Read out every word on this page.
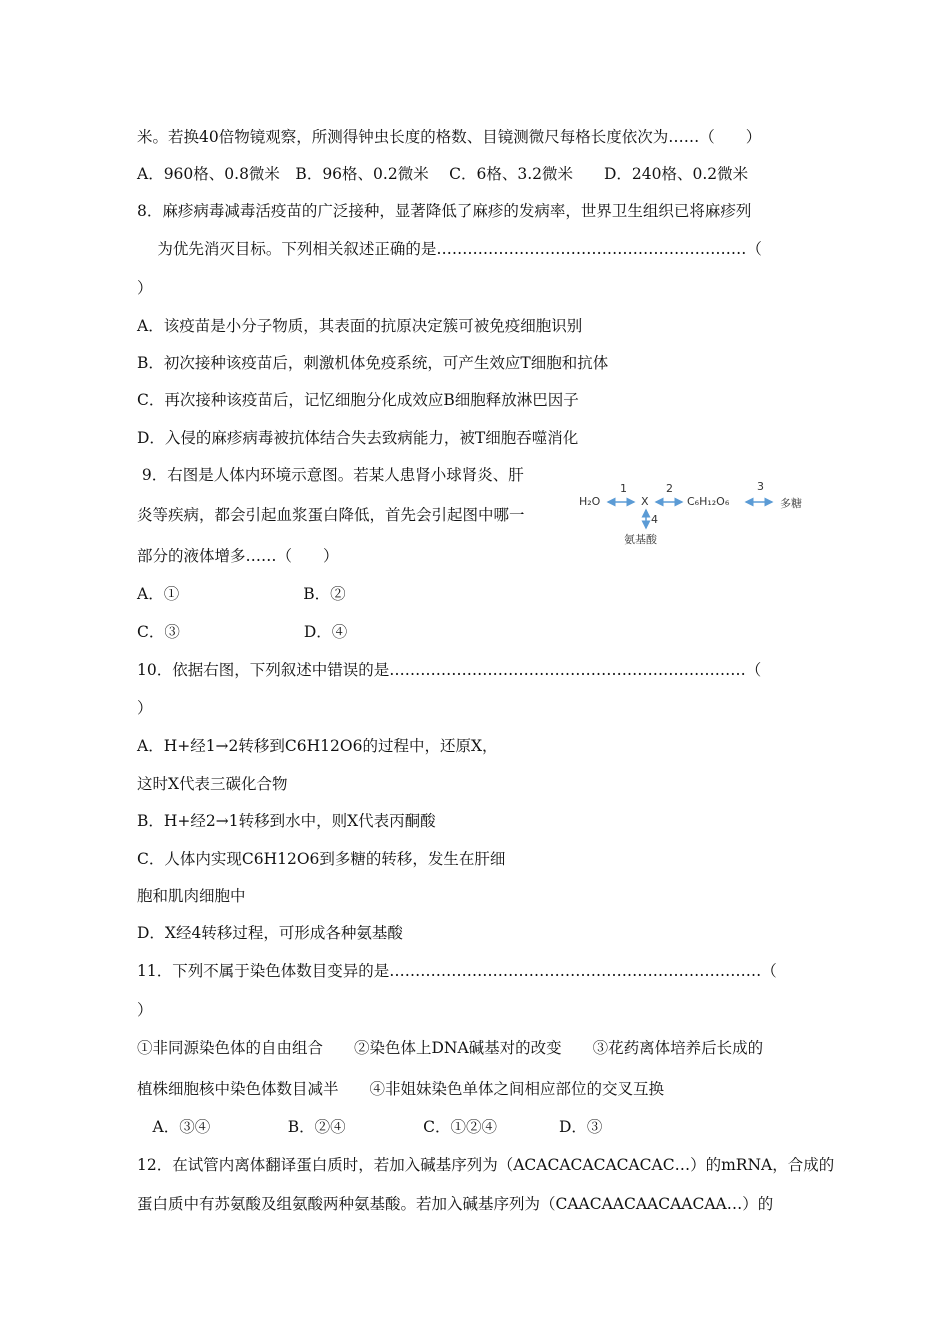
米。若换40倍物镜观察，所测得钟虫长度的格数、目镜测微尺每格长度依次为……（　　）
A．960格、0.8微米　B．96格、0.2微米　 C．6格、3.2微米　　D．240格、0.2微米
8．麻疹病毒减毒活疫苗的广泛接种，显著降低了麻疹的发病率，世界卫生组织已将麻疹列
　 为优先消灭目标。下列相关叙述正确的是……………………………………………………（
）
A．该疫苗是小分子物质，其表面的抗原决定簇可被免疫细胞识别
B．初次接种该疫苗后，刺激机体免疫系统，可产生效应T细胞和抗体
C．再次接种该疫苗后，记忆细胞分化成效应B细胞释放淋巴因子
D．入侵的麻疹病毒被抗体结合失去致病能力，被T细胞吞噬消化
9．右图是人体内环境示意图。若某人患肾小球肾炎、肝
炎等疾病，都会引起血浆蛋白降低，首先会引起图中哪一
部分的液体增多……（　　）
A．①　　　　　　　　B．②
C．③　　　　　　　　D．④
10．依据右图，下列叙述中错误的是……………………………………………………………（
）
A．H+经1→2转移到C6H12O6的过程中，还原X，
这时X代表三碳化合物
B．H+经2→1转移到水中，则X代表丙酮酸
C．人体内实现C6H12O6到多糖的转移，发生在肝细
胞和肌肉细胞中
D．X经4转移过程，可形成各种氨基酸
11．下列不属于染色体数目变异的是………………………………………………………………（
）
①非同源染色体的自由组合　　②染色体上DNA碱基对的改变　　③花药离体培养后长成的
植株细胞核中染色体数目减半　　④非姐妹染色单体之间相应部位的交叉互换
　A．③④　　　　　B．②④　　　　　C．①②④　　　　D．③
12．在试管内离体翻译蛋白质时，若加入碱基序列为（ACACACACACACAC…）的mRNA，合成的
蛋白质中有苏氨酸及组氨酸两种氨基酸。若加入碱基序列为（CAACAACAACAACAA…）的
H₂O
1
X
2
C₆H₁₂O₆
3
多糖
4
氨基酸
